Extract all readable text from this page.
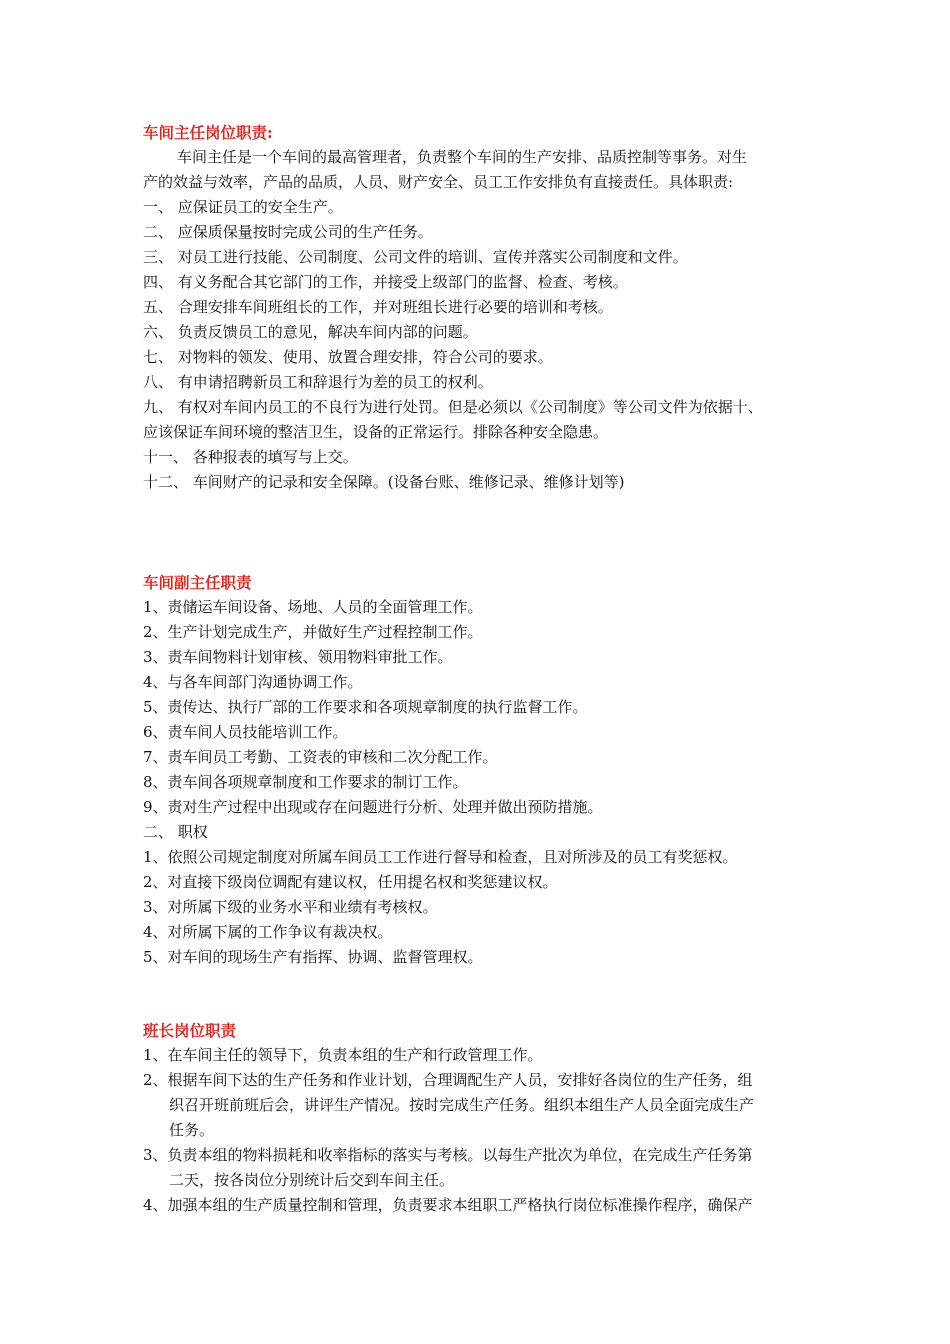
车间主任岗位职责:
车间主任是一个车间的最高管理者，负责整个车间的生产安排、品质控制等事务。对生
产的效益与效率，产品的品质，人员、财产安全、员工工作安排负有直接责任。具体职责:
一、 应保证员工的安全生产。
二、 应保质保量按时完成公司的生产任务。
三、 对员工进行技能、公司制度、公司文件的培训、宣传并落实公司制度和文件。
四、 有义务配合其它部门的工作，并接受上级部门的监督、检查、考核。
五、 合理安排车间班组长的工作，并对班组长进行必要的培训和考核。
六、 负责反馈员工的意见，解决车间内部的问题。
七、 对物料的领发、使用、放置合理安排，符合公司的要求。
八、 有申请招聘新员工和辞退行为差的员工的权利。
九、 有权对车间内员工的不良行为进行处罚。但是必须以《公司制度》等公司文件为依据十、
应该保证车间环境的整洁卫生，设备的正常运行。排除各种安全隐患。
十一、 各种报表的填写与上交。
十二、 车间财产的记录和安全保障。(设备台账、维修记录、维修计划等)
车间副主任职责
1、责储运车间设备、场地、人员的全面管理工作。
2、生产计划完成生产，并做好生产过程控制工作。
3、责车间物料计划审核、领用物料审批工作。
4、与各车间部门沟通协调工作。
5、责传达、执行厂部的工作要求和各项规章制度的执行监督工作。
6、责车间人员技能培训工作。
7、责车间员工考勤、工资表的审核和二次分配工作。
8、责车间各项规章制度和工作要求的制订工作。
9、责对生产过程中出现或存在问题进行分析、处理并做出预防措施。
二、 职权
1、依照公司规定制度对所属车间员工工作进行督导和检查，且对所涉及的员工有奖惩权。
2、对直接下级岗位调配有建议权，任用提名权和奖惩建议权。
3、对所属下级的业务水平和业绩有考核权。
4、对所属下属的工作争议有裁决权。
5、对车间的现场生产有指挥、协调、监督管理权。
班长岗位职责
1、在车间主任的领导下，负责本组的生产和行政管理工作。
2、根据车间下达的生产任务和作业计划，合理调配生产人员，安排好各岗位的生产任务，组
织召开班前班后会，讲评生产情况。按时完成生产任务。组织本组生产人员全面完成生产
任务。
3、负责本组的物料损耗和收率指标的落实与考核。以每生产批次为单位，在完成生产任务第
二天，按各岗位分别统计后交到车间主任。
4、加强本组的生产质量控制和管理，负责要求本组职工严格执行岗位标准操作程序，确保产
